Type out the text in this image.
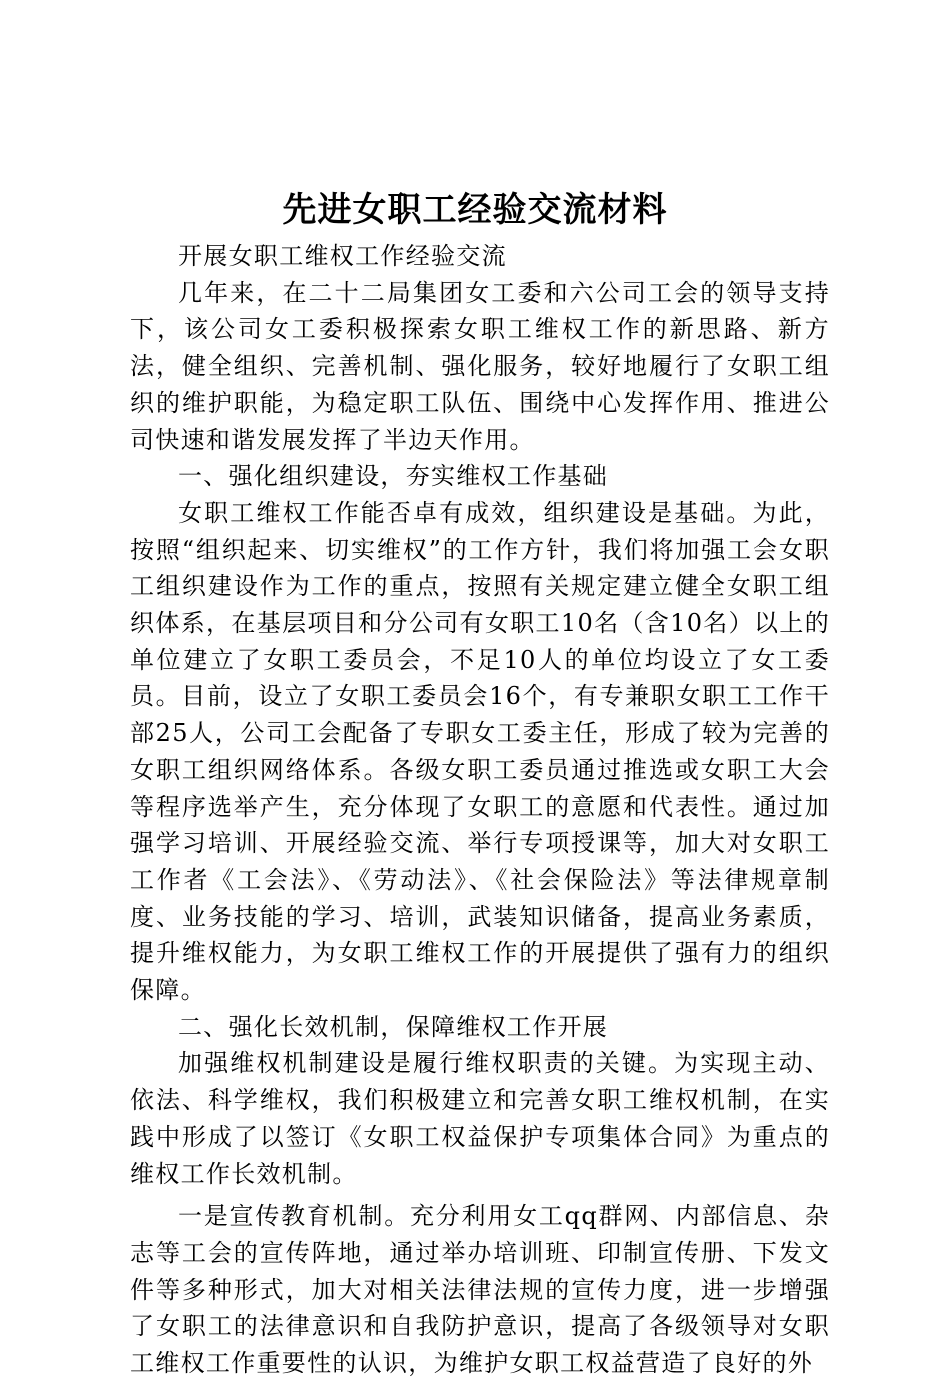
先进女职工经验交流材料

开展女职工维权工作经验交流

几年来，在二十二局集团女工委和六公司工会的领导支持下，该公司女工委积极探索女职工维权工作的新思路、新方法，健全组织、完善机制、强化服务，较好地履行了女职工组织的维护职能，为稳定职工队伍、围绕中心发挥作用、推进公司快速和谐发展发挥了半边天作用。

一、强化组织建设，夯实维权工作基础

女职工维权工作能否卓有成效，组织建设是基础。为此，按照“组织起来、切实维权”的工作方针，我们将加强工会女职工组织建设作为工作的重点，按照有关规定建立健全女职工组织体系，在基层项目和分公司有女职工10名（含10名）以上的单位建立了女职工委员会，不足10人的单位均设立了女工委员。目前，设立了女职工委员会16个，有专兼职女职工工作干部25人，公司工会配备了专职女工委主任，形成了较为完善的女职工组织网络体系。各级女职工委员通过推选或女职工大会等程序选举产生，充分体现了女职工的意愿和代表性。通过加强学习培训、开展经验交流、举行专项授课等，加大对女职工工作者《工会法》、《劳动法》、《社会保险法》等法律规章制度、业务技能的学习、培训，武装知识储备，提高业务素质，提升维权能力，为女职工维权工作的开展提供了强有力的组织保障。

二、强化长效机制，保障维权工作开展

加强维权机制建设是履行维权职责的关键。为实现主动、依法、科学维权，我们积极建立和完善女职工维权机制，在实践中形成了以签订《女职工权益保护专项集体合同》为重点的维权工作长效机制。

一是宣传教育机制。充分利用女工qq群网、内部信息、杂志等工会的宣传阵地，通过举办培训班、印制宣传册、下发文件等多种形式，加大对相关法律法规的宣传力度，进一步增强了女职工的法律意识和自我防护意识，提高了各级领导对女职工维权工作重要性的认识，为维护女职工权益营造了良好的外
